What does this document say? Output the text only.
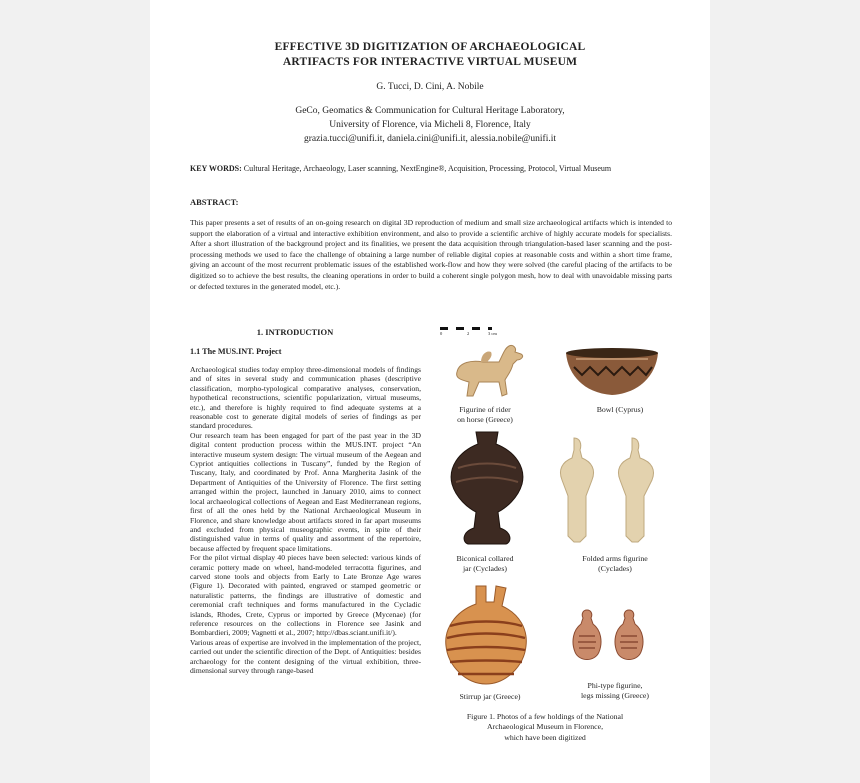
EFFECTIVE 3D DIGITIZATION OF ARCHAEOLOGICAL
ARTIFACTS FOR INTERACTIVE VIRTUAL MUSEUM
G. Tucci, D. Cini, A. Nobile
GeCo, Geomatics & Communication for Cultural Heritage Laboratory,
University of Florence, via Micheli 8, Florence, Italy
grazia.tucci@unifi.it, daniela.cini@unifi.it, alessia.nobile@unifi.it
KEY WORDS: Cultural Heritage, Archaeology, Laser scanning, NextEngine®, Acquisition, Processing, Protocol, Virtual Museum
ABSTRACT:
This paper presents a set of results of an on-going research on digital 3D reproduction of medium and small size archaeological artifacts which is intended to support the elaboration of a virtual and interactive exhibition environment, and also to provide a scientific archive of highly accurate models for specialists. After a short illustration of the background project and its finalities, we present the data acquisition through triangulation-based laser scanning and the post-processing methods we used to face the challenge of obtaining a large number of reliable digital copies at reasonable costs and within a short time frame, giving an account of the most recurrent problematic issues of the established work-flow and how they were solved (the careful placing of the artifacts to be digitized so to achieve the best results, the cleaning operations in order to build a coherent single polygon mesh, how to deal with unavoidable missing parts or defected textures in the generated model, etc.).
1. INTRODUCTION
1.1 The MUS.INT. Project

Archaeological studies today employ three-dimensional models of findings and of sites in several study and communication phases (descriptive classification, morpho-typological comparative analyses, conservation, hypothetical reconstructions, scientific popularization, virtual museums, etc.), and therefore is highly required to find adequate systems at a reasonable cost to generate digital models of series of findings as per standard procedures.

Our research team has been engaged for part of the past year in the 3D digital content production process within the MUS.INT. project “An interactive museum system design: The virtual museum of the Aegean and Cypriot antiquities collections in Tuscany”, funded by the Region of Tuscany, Italy, and coordinated by Prof. Anna Margherita Jasink of the Department of Antiquities of the University of Florence. The first setting arranged within the project, launched in January 2010, aims to connect local archaeological collections of Aegean and East Mediterranean regions, first of all the ones held by the National Archaeological Museum in Florence, and share knowledge about artifacts stored in far apart museums and excluded from physical museographic events, in spite of their distinguished value in terms of quality and assortment of the repertoire, because affected by frequent space limitations.

For the pilot virtual display 40 pieces have been selected: various kinds of ceramic pottery made on wheel, hand-modeled terracotta figurines, and carved stone tools and objects from Early to Late Bronze Age wares (Figure 1). Decorated with painted, engraved or stamped geometric or naturalistic patterns, the findings are illustrative of domestic and ceremonial craft techniques and forms manufactured in the Cycladic islands, Rhodes, Crete, Cyprus or imported by Greece (Mycenae) (for reference resources on the collections in Florence see Jasink and Bombardieri, 2009; Vagnetti et al., 2007; http://dbas.sciant.unifi.it/).

Various areas of expertise are involved in the implementation of the project, carried out under the scientific direction of the Dept. of Antiquities: besides archaeology for the content designing of the virtual exhibition, three-dimensional survey through range-based

0	2	3 cm
Figurine of rider
on horse (Greece)
Bowl (Cyprus)
Biconical collared
jar (Cyclades)
Folded arms figurine
(Cyclades)
Stirrup jar (Greece)
Phi-type figurine,
legs missing (Greece)
Figure 1. Photos of a few holdings of the National
Archaeological Museum in Florence,
which have been digitized
